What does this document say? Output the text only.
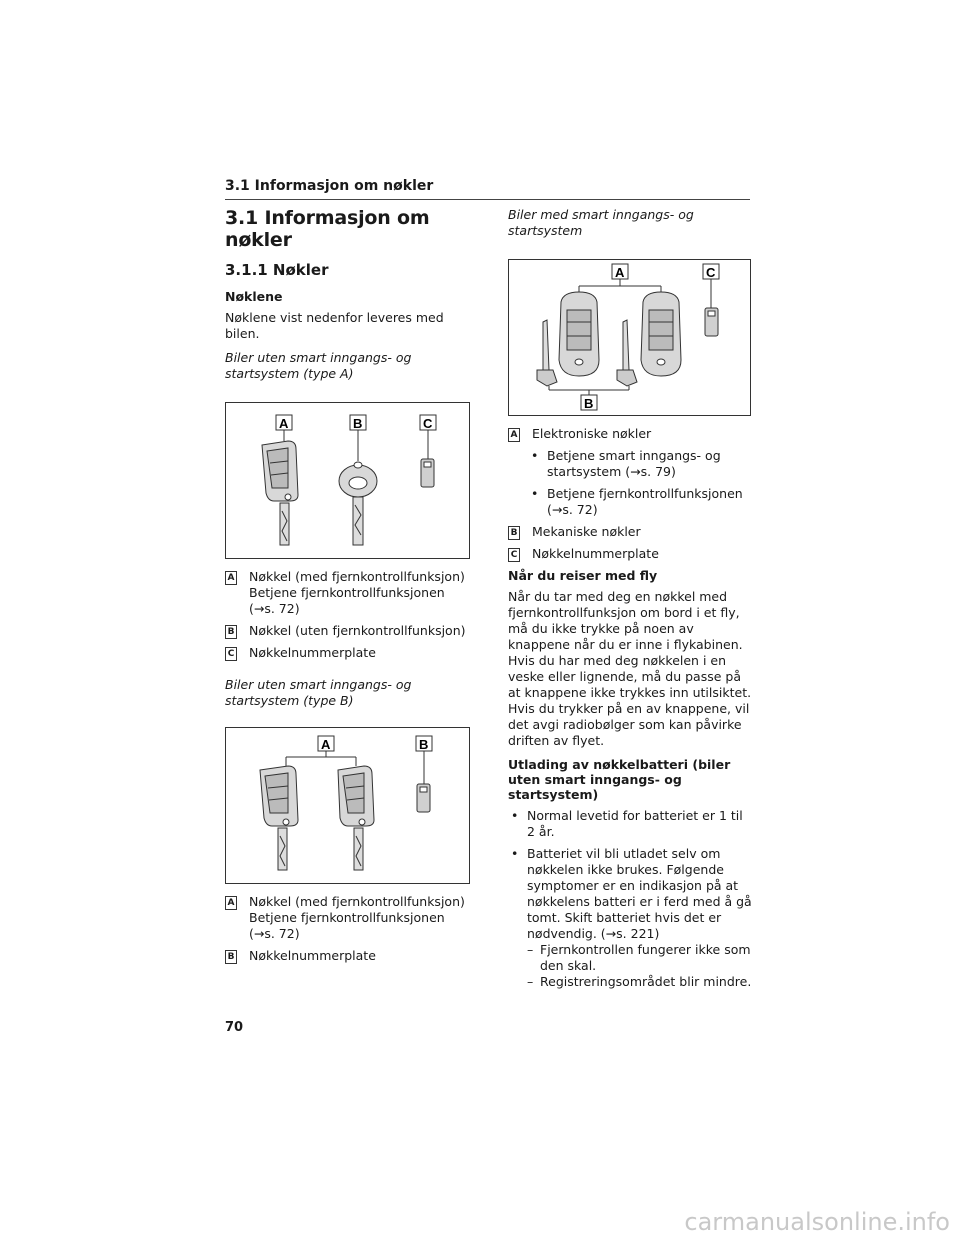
3.1 Informasjon om nøkler
3.1 Informasjon om nøkler
3.1.1 Nøkler
Nøklene

Nøklene vist nedenfor leveres med bilen.

Biler uten smart inngangs- og startsystem (type A)

A	B	C
A Nøkkel (med fjernkontrollfunksjon) Betjene fjernkontrollfunksjonen (→s. 72)
B Nøkkel (uten fjernkontrollfunksjon)
C Nøkkelnummerplate

Biler uten smart inngangs- og startsystem (type B)

A	B
A Nøkkel (med fjernkontrollfunksjon) Betjene fjernkontrollfunksjonen (→s. 72)
B Nøkkelnummerplate

Biler med smart inngangs- og startsystem

A	C
B
A Elektroniske nøkler
• Betjene smart inngangs- og startsystem (→s. 79)
• Betjene fjernkontrollfunksjonen (→s. 72)
B Mekaniske nøkler
C Nøkkelnummerplate
Når du reiser med fly

Når du tar med deg en nøkkel med fjernkontrollfunksjon om bord i et fly, må du ikke trykke på noen av knappene når du er inne i flykabinen. Hvis du har med deg nøkkelen i en veske eller lignende, må du passe på at knappene ikke trykkes inn utilsiktet. Hvis du trykker på en av knappene, vil det avgi radiobølger som kan påvirke driften av flyet.

Utlading av nøkkelbatteri (biler uten smart inngangs- og startsystem)
• Normal levetid for batteriet er 1 til 2 år.
• Batteriet vil bli utladet selv om nøkkelen ikke brukes. Følgende symptomer er en indikasjon på at nøkkelens batteri er i ferd med å gå tomt. Skift batteriet hvis det er nødvendig. (→s. 221)
– Fjernkontrollen fungerer ikke som den skal.
– Registreringsområdet blir mindre.
70
carmanualsonline.info
